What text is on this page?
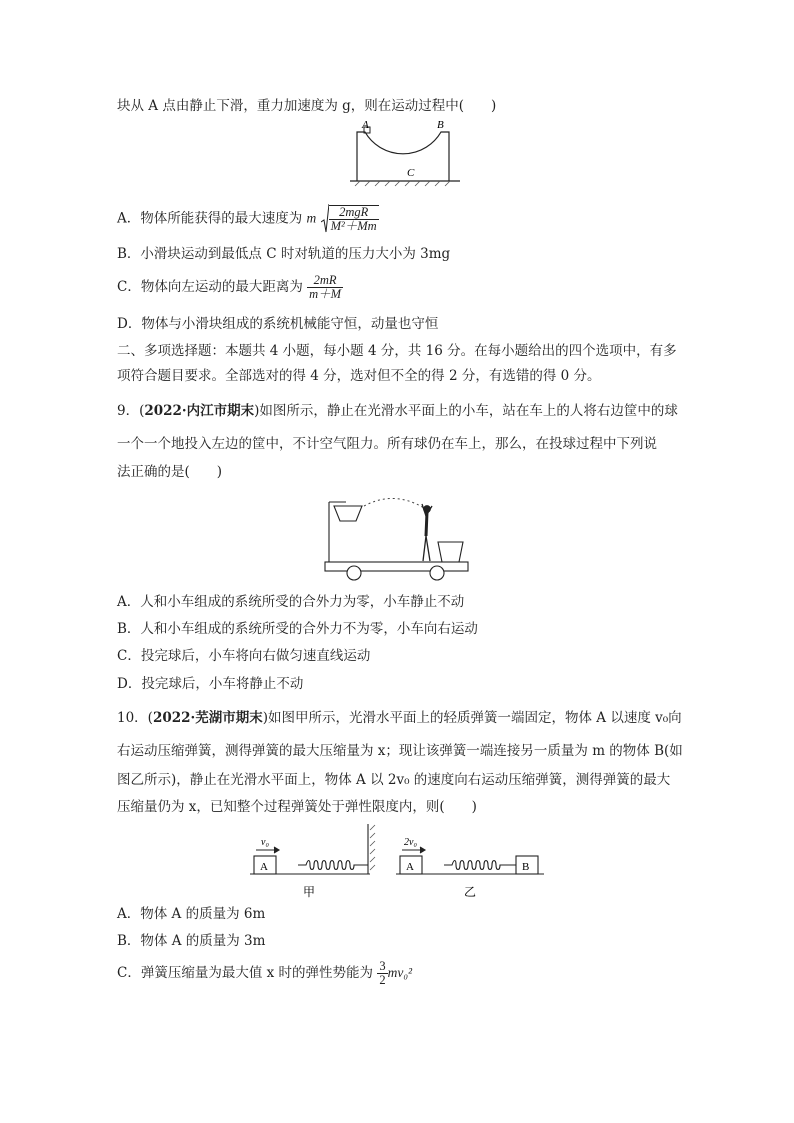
块从 A 点由静止下滑，重力加速度为 g，则在运动过程中(　　)
A	B
C
A．物体所能获得的最大速度为 m $\frac{\text{2mgR}}{\text{M²＋Mm}}$
B．小滑块运动到最低点 C 时对轨道的压力大小为 3mg
C．物体向左运动的最大距离为 $\frac{2mR}{m+M}$
D．物体与小滑块组成的系统机械能守恒，动量也守恒
二、多项选择题：本题共 4 小题，每小题 4 分，共 16 分。在每小题给出的四个选项中，有多
项符合题目要求。全部选对的得 4 分，选对但不全的得 2 分，有选错的得 0 分。
9．(2022·内江市期末)如图所示，静止在光滑水平面上的小车，站在车上的人将右边筐中的球
一个一个地投入左边的筐中，不计空气阻力。所有球仍在车上，那么，在投球过程中下列说
法正确的是(　　)
A．人和小车组成的系统所受的合外力为零，小车静止不动
B．人和小车组成的系统所受的合外力不为零，小车向右运动
C．投完球后，小车将向右做匀速直线运动
D．投完球后，小车将静止不动
10．(2022·芜湖市期末)如图甲所示，光滑水平面上的轻质弹簧一端固定，物体 A 以速度 v₀向
右运动压缩弹簧，测得弹簧的最大压缩量为 x；现让该弹簧一端连接另一质量为 m 的物体 B(如
图乙所示)，静止在光滑水平面上，物体 A 以 2v₀ 的速度向右运动压缩弹簧，测得弹簧的最大
压缩量仍为 x，已知整个过程弹簧处于弹性限度内，则(　　)
v₀
A
甲
2v₀
A	B
乙
A．物体 A 的质量为 6m
B．物体 A 的质量为 3m
C．弹簧压缩量为最大值 x 时的弹性势能为 $\frac{3}{2} mv_0^2$
